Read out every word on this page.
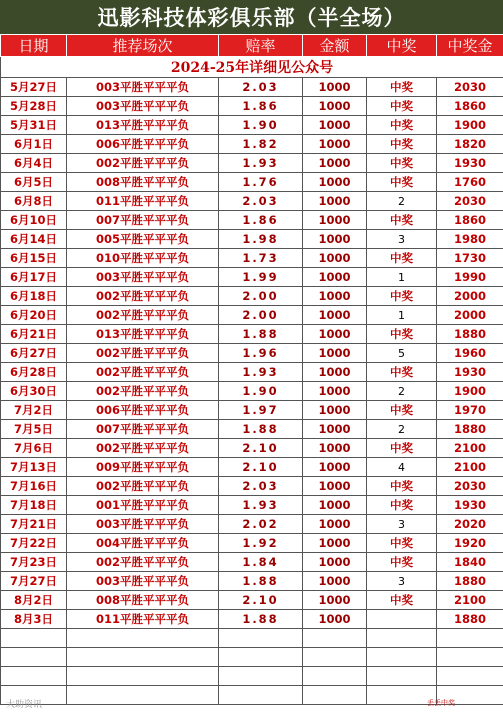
迅影科技体彩俱乐部（半全场）
日期	推荐场次	赔率	金额	中奖	中奖金
2024-25年详细见公众号					
5月27日	003平胜平平平负	2.03	1000	中奖	2030
5月28日	003平胜平平平负	1.86	1000	中奖	1860
5月31日	013平胜平平平负	1.90	1000	中奖	1900
6月1日	006平胜平平平负	1.82	1000	中奖	1820
6月4日	002平胜平平平负	1.93	1000	中奖	1930
6月5日	008平胜平平平负	1.76	1000	中奖	1760
6月8日	011平胜平平平负	2.03	1000	2	2030
6月10日	007平胜平平平负	1.86	1000	中奖	1860
6月14日	005平胜平平平负	1.98	1000	3	1980
6月15日	010平胜平平平负	1.73	1000	中奖	1730
6月17日	003平胜平平平负	1.99	1000	1	1990
6月18日	002平胜平平平负	2.00	1000	中奖	2000
6月20日	002平胜平平平负	2.00	1000	1	2000
6月21日	013平胜平平平负	1.88	1000	中奖	1880
6月27日	002平胜平平平负	1.96	1000	5	1960
6月28日	002平胜平平平负	1.93	1000	中奖	1930
6月30日	002平胜平平平负	1.90	1000	2	1900
7月2日	006平胜平平平负	1.97	1000	中奖	1970
7月5日	007平胜平平平负	1.88	1000	2	1880
7月6日	002平胜平平平负	2.10	1000	中奖	2100
7月13日	009平胜平平平负	2.10	1000	4	2100
7月16日	002平胜平平平负	2.03	1000	中奖	2030
7月18日	001平胜平平平负	1.93	1000	中奖	1930
7月21日	003平胜平平平负	2.02	1000	3	2020
7月22日	004平胜平平平负	1.92	1000	中奖	1920
7月23日	002平胜平平平负	1.84	1000	中奖	1840
7月27日	003平胜平平平负	1.88	1000	3	1880
8月2日	008平胜平平平负	2.10	1000	中奖	2100
8月3日	011平胜平平平负	1.88	1000		1880

大助资讯	丢丢中奖
